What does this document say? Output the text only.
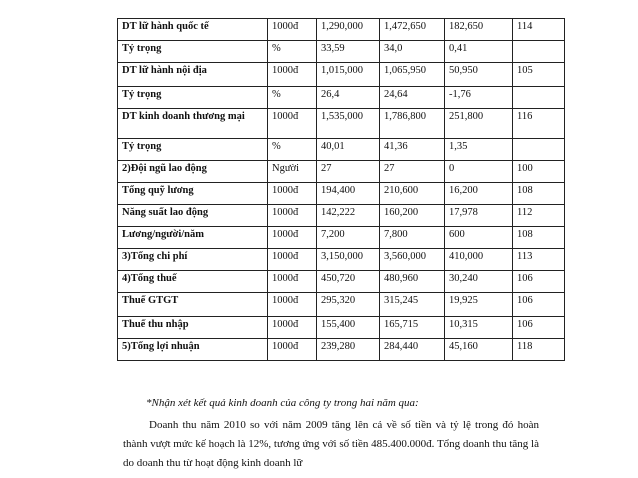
DT lữ hành quốc tế	1000đ	1,290,000	1,472,650	182,650	114
Tỷ trọng	%	33,59	34,0	0,41	
DT lữ hành nội địa	1000đ	1,015,000	1,065,950	50,950	105
Tỷ trọng	%	26,4	24,64	-1,76	
DT kinh doanh thương mại	1000đ	1,535,000	1,786,800	251,800	116
Tỷ trọng	%	40,01	41,36	1,35	
2)Đội ngũ lao động	Người	27	27	0	100
Tổng quỹ lương	1000đ	194,400	210,600	16,200	108
Năng suất lao động	1000đ	142,222	160,200	17,978	112
Lương/người/năm	1000đ	7,200	7,800	600	108
3)Tổng chi phí	1000đ	3,150,000	3,560,000	410,000	113
4)Tổng thuế	1000đ	450,720	480,960	30,240	106
Thuế GTGT	1000đ	295,320	315,245	19,925	106
Thuế thu nhập	1000đ	155,400	165,715	10,315	106
5)Tổng lợi nhuận	1000đ	239,280	284,440	45,160	118
*Nhận xét kết quả kinh doanh của công ty trong hai năm qua:

Doanh thu năm 2010 so với năm 2009 tăng lên cả về số tiền và tỷ lệ trong đó hoàn thành vượt mức kế hoạch là 12%, tương ứng với số tiền 485.400.000đ. Tổng doanh thu tăng là do doanh thu từ hoạt động kinh doanh lữ
